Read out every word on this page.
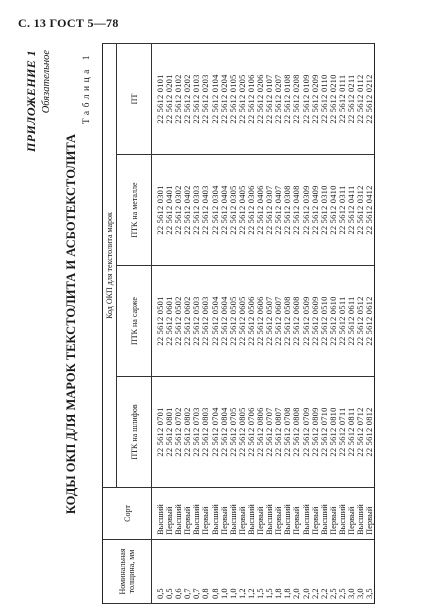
С. 13 ГОСТ 5—78
ПРИЛОЖЕНИЕ 1 Обязательное
КОДЫ ОКП ДЛЯ МАРОК ТЕКСТОЛИТА И АСБОТЕКСТОЛИТА
Таблица 1
Номинальная толщина, мм	Сорт	Код ОКП для текстолита марок			
		ПТК на шлифов	ПТК на сарже	ПТК на металле	ПТ
0,5	Высший	22 5612 0701	22 5612 0501	22 5612 0301	22 5612 0101
0,5	Первый	22 5612 0801	22 5612 0601	22 5612 0401	22 5612 0201
0,6	Высший	22 5612 0702	22 5612 0502	22 5612 0302	22 5612 0102
0,7	Первый	22 5612 0802	22 5612 0602	22 5612 0402	22 5612 0202
0,7	Высший	22 5612 0703	22 5612 0503	22 5612 0303	22 5612 0103
0,8	Первый	22 5612 0803	22 5612 0603	22 5612 0403	22 5612 0203
0,8	Высший	22 5612 0704	22 5612 0504	22 5612 0304	22 5612 0104
1,0	Первый	22 5612 0804	22 5612 0604	22 5612 0404	22 5612 0204
1,0	Высший	22 5612 0705	22 5612 0505	22 5612 0305	22 5612 0105
1,2	Первый	22 5612 0805	22 5612 0605	22 5612 0405	22 5612 0205
1,2	Высший	22 5612 0706	22 5612 0506	22 5612 0306	22 5612 0106
1,5	Первый	22 5612 0806	22 5612 0606	22 5612 0406	22 5612 0206
1,5	Высший	22 5612 0707	22 5612 0507	22 5612 0307	22 5612 0107
1,8	Первый	22 5612 0807	22 5612 0607	22 5612 0407	22 5612 0207
1,8	Высший	22 5612 0708	22 5612 0508	22 5612 0308	22 5612 0108
2,0	Первый	22 5612 0808	22 5612 0608	22 5612 0408	22 5612 0208
2,0	Высший	22 5612 0709	22 5612 0509	22 5612 0309	22 5612 0109
2,2	Первый	22 5612 0809	22 5612 0609	22 5612 0409	22 5612 0209
2,2	Высший	22 5612 0710	22 5612 0510	22 5612 0310	22 5612 0110
2,5	Первый	22 5612 0810	22 5612 0610	22 5612 0410	22 5612 0210
2,5	Высший	22 5612 0711	22 5612 0511	22 5612 0311	22 5612 0111
3,0	Первый	22 5612 0811	22 5612 0611	22 5612 0411	22 5612 0211
3,0	Высший	22 5612 0712	22 5612 0512	22 5612 0312	22 5612 0112
3,5	Первый	22 5612 0812	22 5612 0612	22 5612 0412	22 5612 0212
